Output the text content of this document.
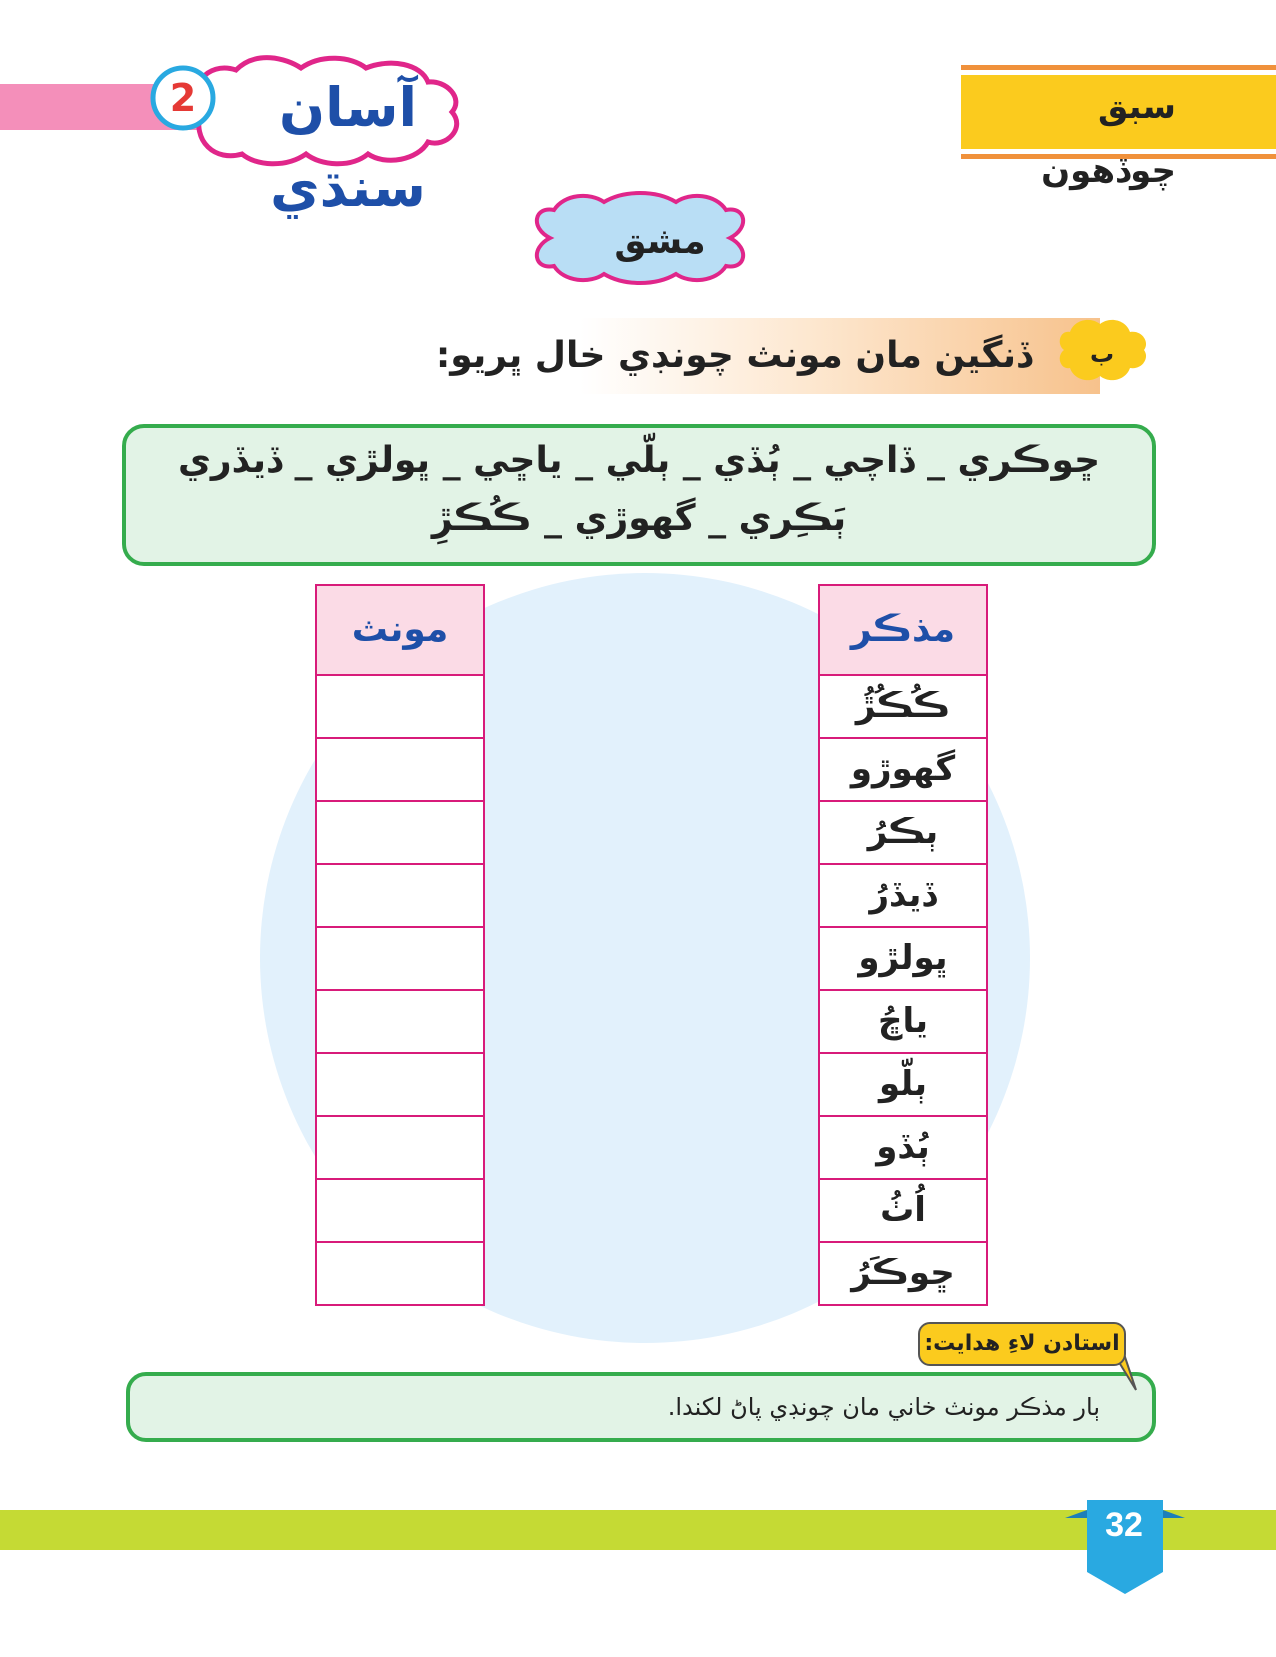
آسان سنڌي
2	سبق چوڏهون
مشق
ب
ڏنگين مان مونث چونڊي خال ڀريو:
ڇوڪري _ ڏاچي _ ٻُڏي _ ٻلّي _ ياڇي _ ڀولڙي _ ڏيڏري
ٻَڪِري _ گهوڙي _ ڪُڪڙِ
مذڪر
ڪُڪُڙُ
گهوڙو
ٻڪرُ
ڏيڏرُ
ڀولڙو
ياڇُ
ٻلّو
ٻُڏو
اُٺُ
ڇوڪَرُ
مونث
ٻار مذڪر مونث خاني مان چونڊي پاڻ لکندا.
استادن لاءِ هدايت:
32
